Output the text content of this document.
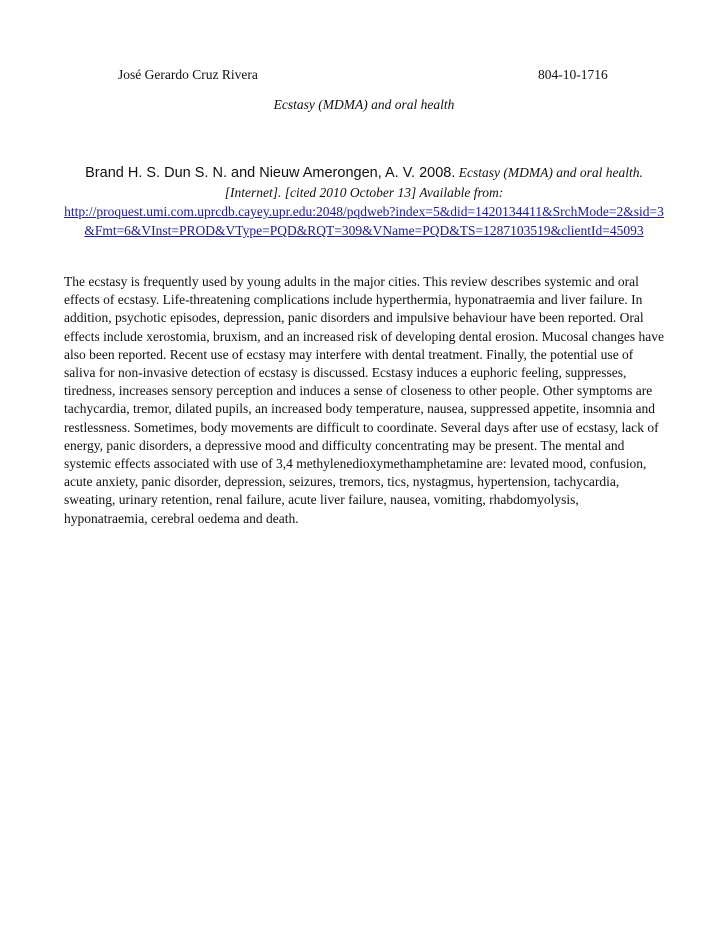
José Gerardo Cruz Rivera	804-10-1716
Ecstasy (MDMA) and oral health
Brand H. S. Dun S. N. and Nieuw Amerongen, A. V. 2008. Ecstasy (MDMA) and oral health.
[Internet]. [cited 2010 October 13] Available from:
http://proquest.umi.com.uprcdb.cayey.upr.edu:2048/pqdweb?index=5&did=1420134411&SrchMode=2&sid=3&Fmt=6&VInst=PROD&VType=PQD&RQT=309&VName=PQD&TS=1287103519&clientId=45093
The ecstasy is frequently used by young adults in the major cities. This review describes systemic and oral effects of ecstasy. Life-threatening complications include hyperthermia, hyponatraemia and liver failure. In addition, psychotic episodes, depression, panic disorders and impulsive behaviour have been reported. Oral effects include xerostomia, bruxism, and an increased risk of developing dental erosion. Mucosal changes have also been reported. Recent use of ecstasy may interfere with dental treatment. Finally, the potential use of saliva for non-invasive detection of ecstasy is discussed. Ecstasy induces a euphoric feeling, suppresses, tiredness, increases sensory perception and induces a sense of closeness to other people. Other symptoms are tachycardia, tremor, dilated pupils, an increased body temperature, nausea, suppressed appetite, insomnia and restlessness. Sometimes, body movements are difficult to coordinate. Several days after use of ecstasy, lack of energy, panic disorders, a depressive mood and difficulty concentrating may be present. The mental and systemic effects associated with use of 3,4 methylenedioxymethamphetamine are: levated mood, confusion, acute anxiety, panic disorder, depression, seizures, tremors, tics, nystagmus, hypertension, tachycardia, sweating, urinary retention, renal failure, acute liver failure, nausea, vomiting, rhabdomyolysis, hyponatraemia, cerebral oedema and death.
